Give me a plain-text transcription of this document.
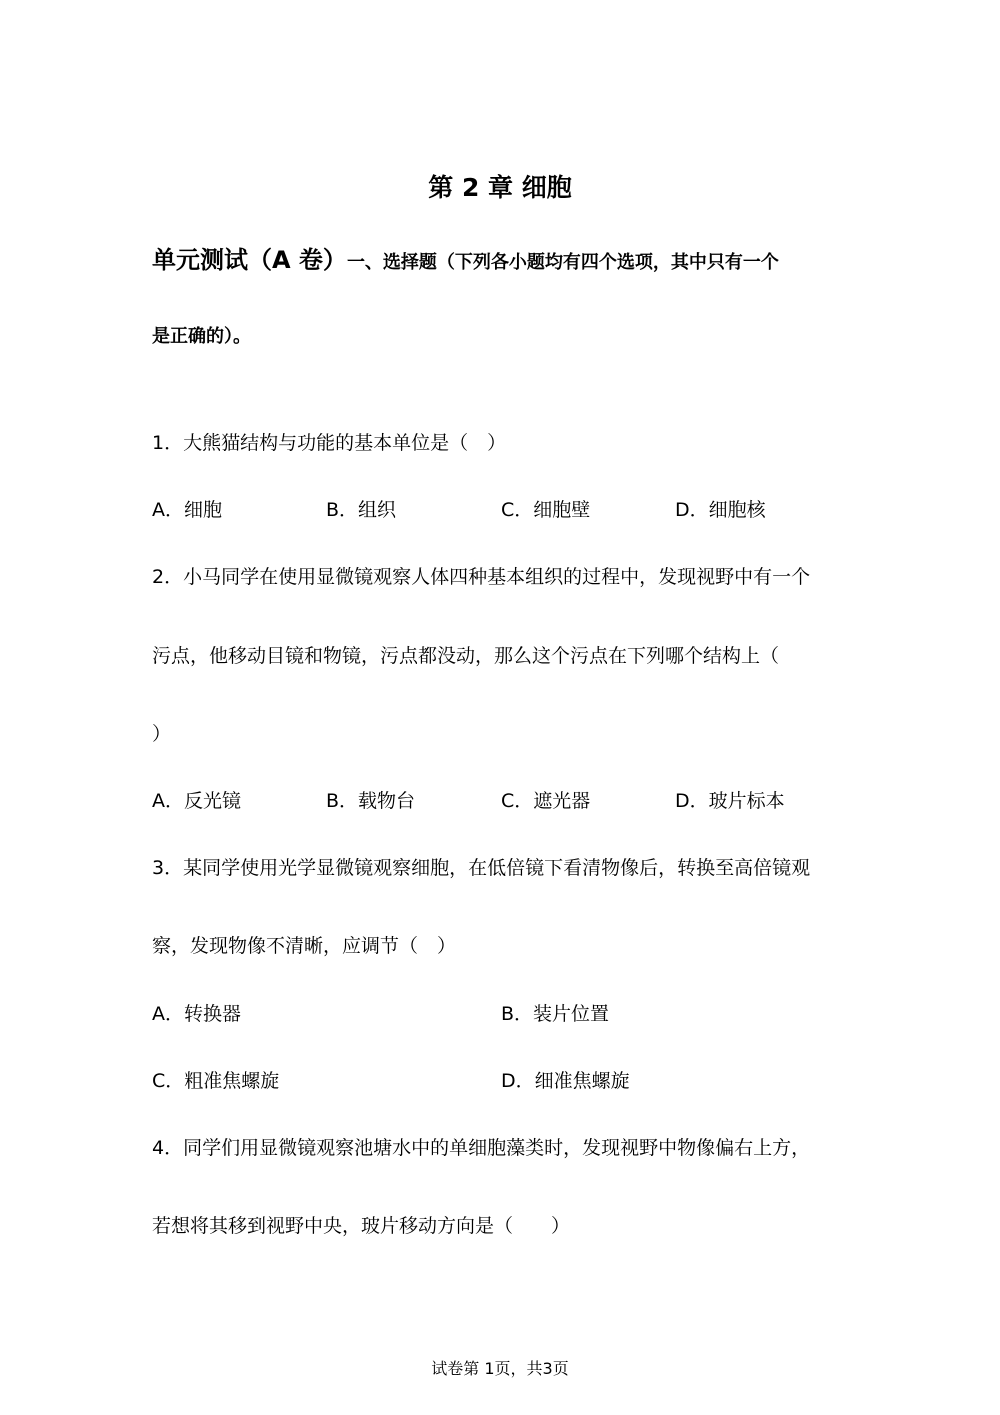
第 2 章 细胞
单元测试（A 卷）一、选择题（下列各小题均有四个选项，其中只有一个
是正确的）。
1．大熊猫结构与功能的基本单位是（　）
A．细胞	B．组织	C．细胞壁	D．细胞核
2．小马同学在使用显微镜观察人体四种基本组织的过程中，发现视野中有一个
污点，他移动目镜和物镜，污点都没动，那么这个污点在下列哪个结构上（
）
A．反光镜	B．载物台	C．遮光器	D．玻片标本
3．某同学使用光学显微镜观察细胞，在低倍镜下看清物像后，转换至高倍镜观
察，发现物像不清晰，应调节（　）
A．转换器	B．装片位置
C．粗准焦螺旋	D．细准焦螺旋
4．同学们用显微镜观察池塘水中的单细胞藻类时，发现视野中物像偏右上方，
若想将其移到视野中央，玻片移动方向是（　　）
试卷第 1页，共3页
